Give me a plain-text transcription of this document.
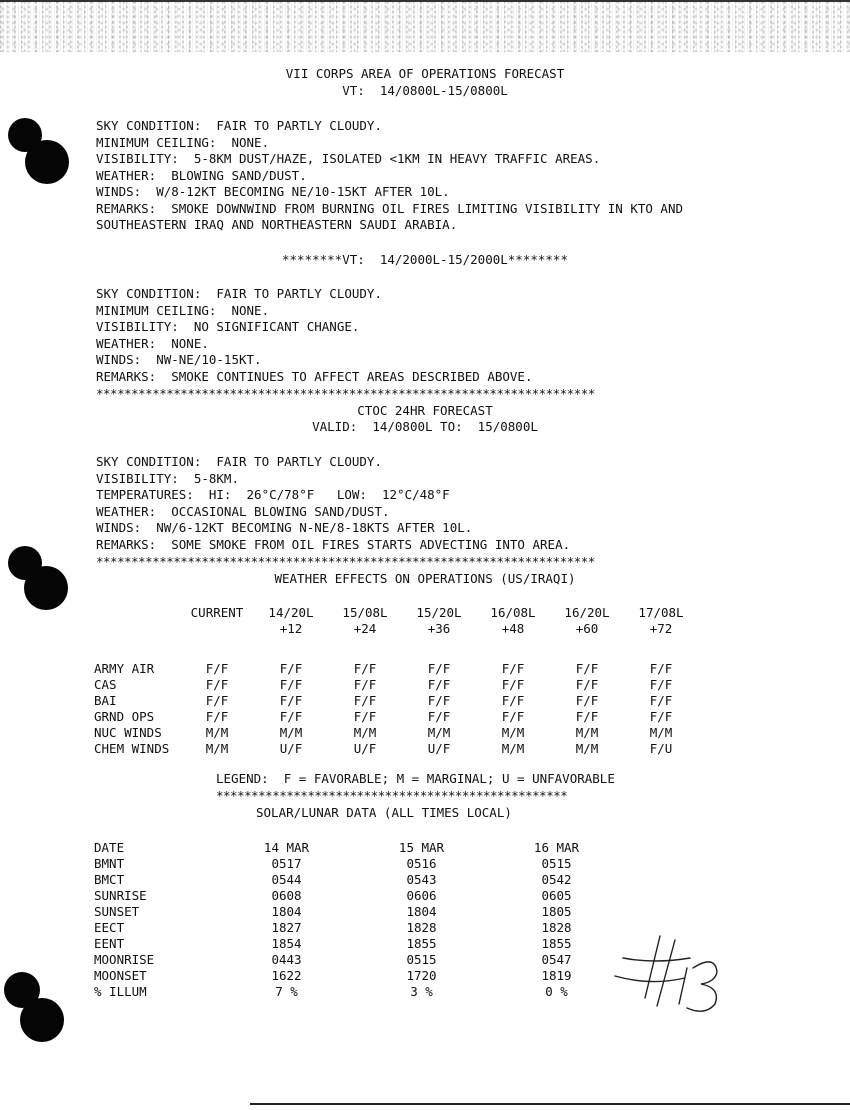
VII CORPS AREA OF OPERATIONS FORECAST
VT:  14/0800L-15/0800L
SKY CONDITION:  FAIR TO PARTLY CLOUDY.
MINIMUM CEILING:  NONE.
VISIBILITY:  5-8KM DUST/HAZE, ISOLATED <1KM IN HEAVY TRAFFIC AREAS.
WEATHER:  BLOWING SAND/DUST.
WINDS:  W/8-12KT BECOMING NE/10-15KT AFTER 10L.
REMARKS:  SMOKE DOWNWIND FROM BURNING OIL FIRES LIMITING VISIBILITY IN KTO AND
SOUTHEASTERN IRAQ AND NORTHEASTERN SAUDI ARABIA.
********VT:  14/2000L-15/2000L********
SKY CONDITION:  FAIR TO PARTLY CLOUDY.
MINIMUM CEILING:  NONE.
VISIBILITY:  NO SIGNIFICANT CHANGE.
WEATHER:  NONE.
WINDS:  NW-NE/10-15KT.
REMARKS:  SMOKE CONTINUES TO AFFECT AREAS DESCRIBED ABOVE.
***********************************************************************
CTOC 24HR FORECAST
VALID:  14/0800L TO:  15/0800L
SKY CONDITION:  FAIR TO PARTLY CLOUDY.
VISIBILITY:  5-8KM.
TEMPERATURES:  HI:  26°C/78°F   LOW:  12°C/48°F
WEATHER:  OCCASIONAL BLOWING SAND/DUST.
WINDS:  NW/6-12KT BECOMING N-NE/8-18KTS AFTER 10L.
REMARKS:  SOME SMOKE FROM OIL FIRES STARTS ADVECTING INTO AREA.
***********************************************************************
WEATHER EFFECTS ON OPERATIONS (US/IRAQI)
	CURRENT	14/20L	15/08L	15/20L	16/08L	16/20L	17/08L
		+12	+24	+36	+48	+60	+72

ARMY AIR	F/F	F/F	F/F	F/F	F/F	F/F	F/F
CAS	F/F	F/F	F/F	F/F	F/F	F/F	F/F
BAI	F/F	F/F	F/F	F/F	F/F	F/F	F/F
GRND OPS	F/F	F/F	F/F	F/F	F/F	F/F	F/F
NUC WINDS	M/M	M/M	M/M	M/M	M/M	M/M	M/M
CHEM WINDS	M/M	U/F	U/F	U/F	M/M	M/M	F/U
LEGEND:  F = FAVORABLE; M = MARGINAL; U = UNFAVORABLE
**************************************************
SOLAR/LUNAR DATA (ALL TIMES LOCAL)
DATE	14 MAR	15 MAR	16 MAR
BMNT	0517	0516	0515
BMCT	0544	0543	0542
SUNRISE	0608	0606	0605
SUNSET	1804	1804	1805
EECT	1827	1828	1828
EENT	1854	1855	1855
MOONRISE	0443	0515	0547
MOONSET	1622	1720	1819
% ILLUM	7 %	3 %	0 %
